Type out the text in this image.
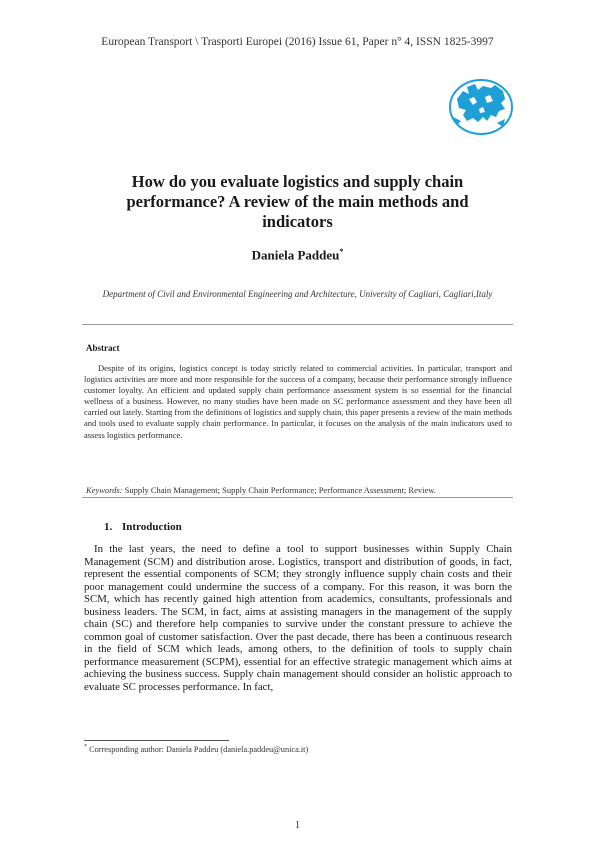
European Transport \ Trasporti Europei (2016) Issue 61, Paper n° 4, ISSN 1825-3997
How do you evaluate logistics and supply chain performance? A review of the main methods and indicators
Daniela Paddeu*
Department of Civil and Environmental Engineering and Architecture, University of Cagliari, Cagliari,Italy
Abstract
Despite of its origins, logistics concept is today strictly related to commercial activities. In particular, transport and logistics activities are more and more responsible for the success of a company, because their performance strongly influence customer loyalty. An efficient and updated supply chain performance assessment system is so essential for the financial wellness of a business. However, no many studies have been made on SC performance assessment and they have been all carried out lately. Starting from the definitions of logistics and supply chain, this paper presents a review of the main methods and tools used to evaluate supply chain performance. In particular, it focuses on the analysis of the main indicators used to assess logistics performance.
Keywords: Supply Chain Management; Supply Chain Performance; Performance Assessment; Review.
1. Introduction
In the last years, the need to define a tool to support businesses within Supply Chain Management (SCM) and distribution arose. Logistics, transport and distribution of goods, in fact, represent the essential components of SCM; they strongly influence supply chain costs and their poor management could undermine the success of a company. For this reason, it was born the SCM, which has recently gained high attention from academics, consultants, professionals and business leaders. The SCM, in fact, aims at assisting managers in the management of the supply chain (SC) and therefore help companies to survive under the constant pressure to achieve the common goal of customer satisfaction. Over the past decade, there has been a continuous research in the field of SCM which leads, among others, to the definition of tools to supply chain performance measurement (SCPM), essential for an effective strategic management which aims at achieving the business success. Supply chain management should consider an holistic approach to evaluate SC processes performance. In fact,
* Corresponding author: Daniela Paddeu (daniela.paddeu@unica.it)
1
